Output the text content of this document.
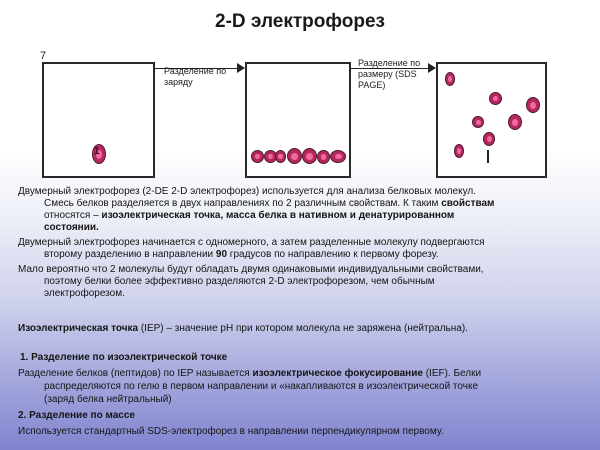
2-D электрофорез
7
1
Разделение по заряду
Разделение по размеру (SDS PAGE)

Двумерный электрофорез (2-DE 2-D электрофорез) используется для анализа белковых молекул.
Смесь белков разделяется в двух направлениях по 2 различным свойствам. К таким свойствам
относятся – изоэлектрическая точка, масса белка в нативном и денатурированном
состоянии.

Двумерный электрофорез начинается с одномерного, а затем разделенные молекулу подвергаются
второму разделению в направлении 90 градусов по направлению к первому форезу.

Мало вероятно что 2 молекулы будут обладать двумя одинаковыми индивидуальными свойствами,
поэтому белки более эффективно разделяются 2-D электрофорезом, чем обычным
электрофорезом.

Изоэлектрическая точка (IEP) – значение pH при котором молекула не заряжена (нейтральна).
1. Разделение по изоэлектрической точке
Разделение белков (пептидов) по IEP называется изоэлектрическое фокусирование (IEF). Белки
распределяются по гелю в первом направлении и «накапливаются в изоэлектрической точке
(заряд белка нейтральный)
2. Разделение по массе
Используется стандартный SDS-электрофорез в направлении перпендикулярном первому.
